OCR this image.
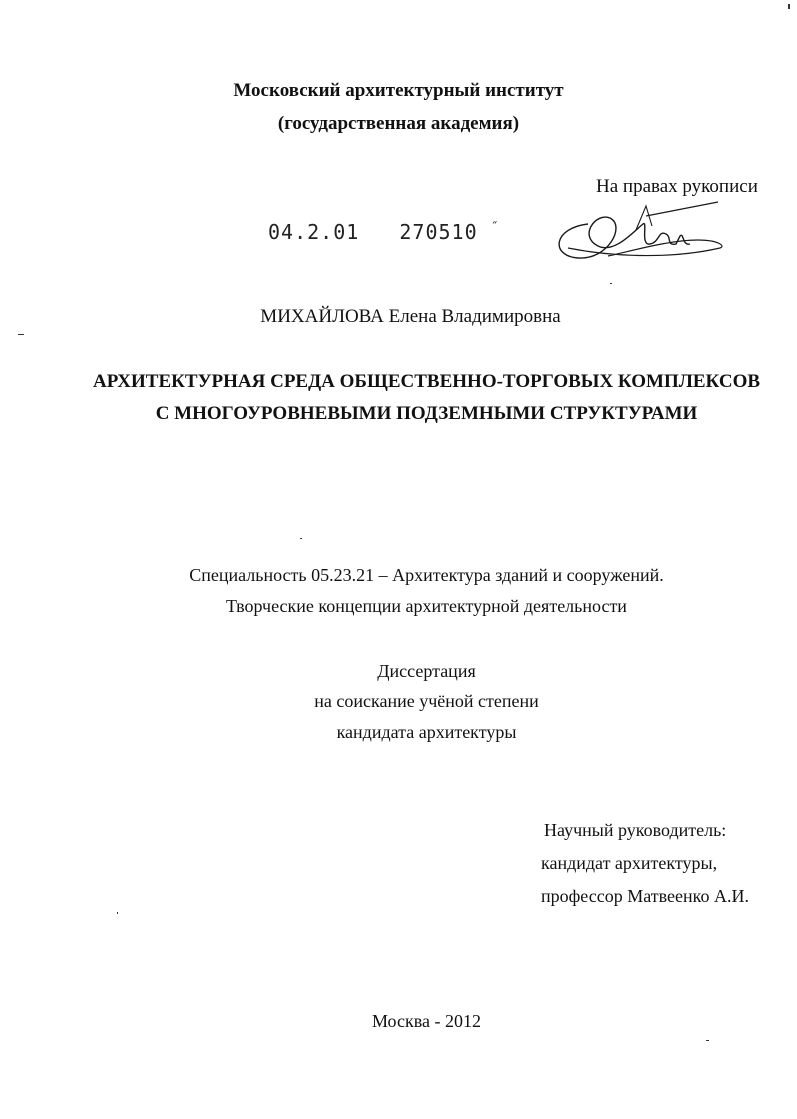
Московский архитектурный институт
(государственная академия)
На правах рукописи
04.2.01 270510 ˝
МИХАЙЛОВА Елена Владимировна
АРХИТЕКТУРНАЯ СРЕДА ОБЩЕСТВЕННО-ТОРГОВЫХ КОМПЛЕКСОВ
С МНОГОУРОВНЕВЫМИ ПОДЗЕМНЫМИ СТРУКТУРАМИ
Специальность 05.23.21 – Архитектура зданий и сооружений.
Творческие концепции архитектурной деятельности
Диссертация
на соискание учёной степени
кандидата архитектуры
Научный руководитель:
кандидат архитектуры,
профессор Матвеенко А.И.
Москва - 2012
